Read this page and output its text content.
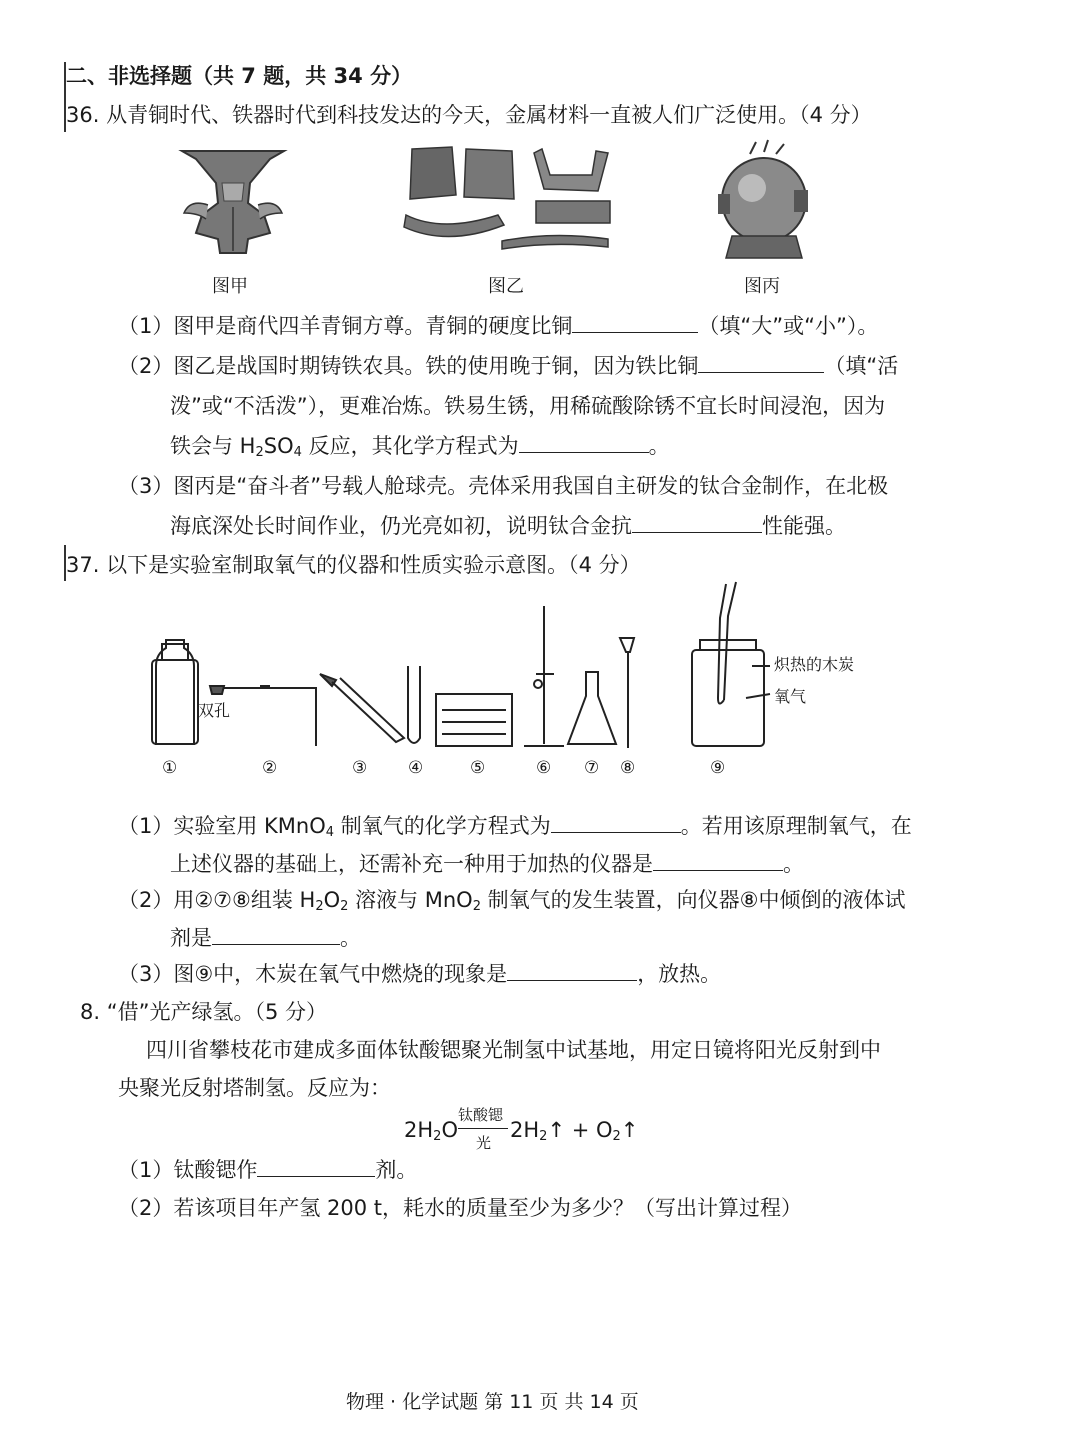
二、非选择题（共 7 题，共 34 分）
36. 从青铜时代、铁器时代到科技发达的今天，金属材料一直被人们广泛使用。（4 分）
图甲	图乙	图丙
（1）图甲是商代四羊青铜方尊。青铜的硬度比铜	（填“大”或“小”）。
（2）图乙是战国时期铸铁农具。铁的使用晚于铜，因为铁比铜	（填“活
泼”或“不活泼”），更难冶炼。铁易生锈，用稀硫酸除锈不宜长时间浸泡，因为
铁会与 $H_2SO_4$ 反应，其化学方程式为	。
（3）图丙是“奋斗者”号载人舱球壳。壳体采用我国自主研发的钛合金制作，在北极
海底深处长时间作业，仍光亮如初，说明钛合金抗	性能强。
37. 以下是实验室制取氧气的仪器和性质实验示意图。（4 分）
双孔
炽热的木炭
氧气
①	②	③ ④	⑤	⑥ ⑦ ⑧	⑨
（1）实验室用 KMnO$_4$ 制氧气的化学方程式为	。若用该原理制氧气，在
上述仪器的基础上，还需补充一种用于加热的仪器是	。
（2）用②⑦⑧组装 $H_2O_2$ 溶液与 MnO$_2$ 制氧气的发生装置，向仪器⑧中倾倒的液体试
剂是	。
（3）图⑨中，木炭在氧气中燃烧的现象是	，放热。
8. “借”光产绿氢。（5 分）
四川省攀枝花市建成多面体钛酸锶聚光制氢中试基地，用定日镜将阳光反射到中
央聚光反射塔制氢。反应为：
$2H_2O$
钛酸锶
光
$2H_2↑$ + $O_2↑$
（1）钛酸锶作	剂。
（2）若该项目年产氢 200 t，耗水的质量至少为多少？（写出计算过程）
物理 · 化学试题 第 11 页 共 14 页
